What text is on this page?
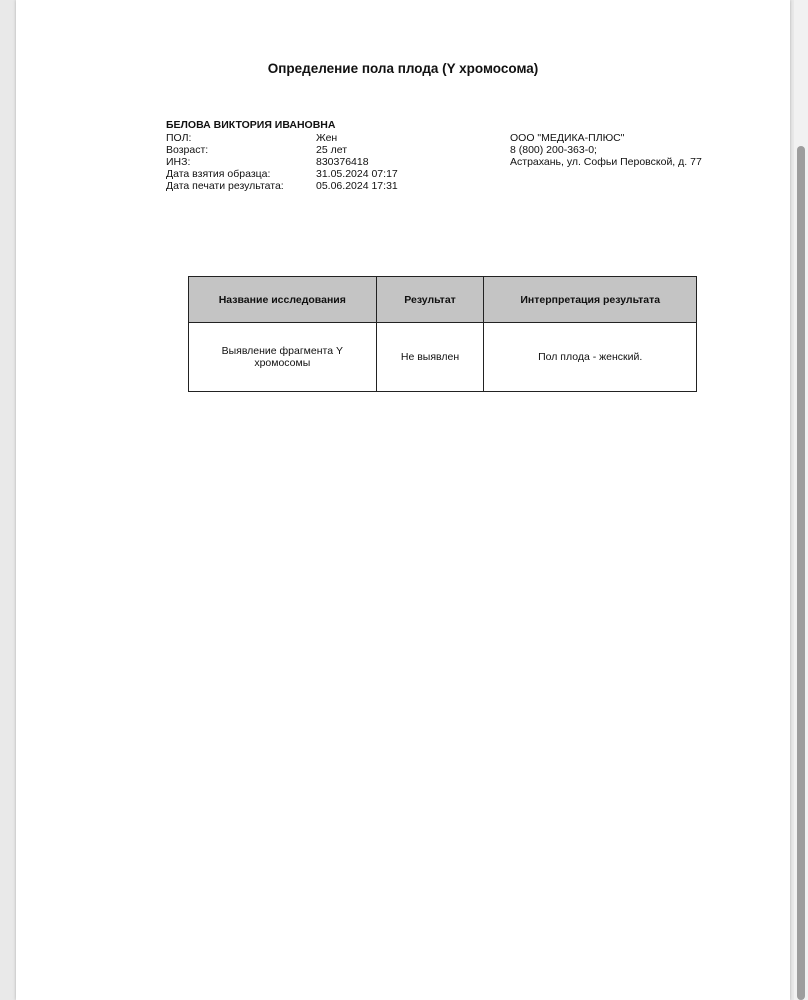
Определение пола плода (Y хромосома)
БЕЛОВА ВИКТОРИЯ ИВАНОВНА
ПОЛ:	Жен
Возраст:	25 лет
ИНЗ:	830376418
Дата взятия образца:	31.05.2024 07:17
Дата печати результата:	05.06.2024 17:31
ООО "МЕДИКА-ПЛЮС"
8 (800) 200-363-0;
Астрахань, ул. Софьи Перовской, д. 77
Название исследования	Результат	Интерпретация результата
Выявление фрагмента Y хромосомы	Не выявлен	Пол плода - женский.
